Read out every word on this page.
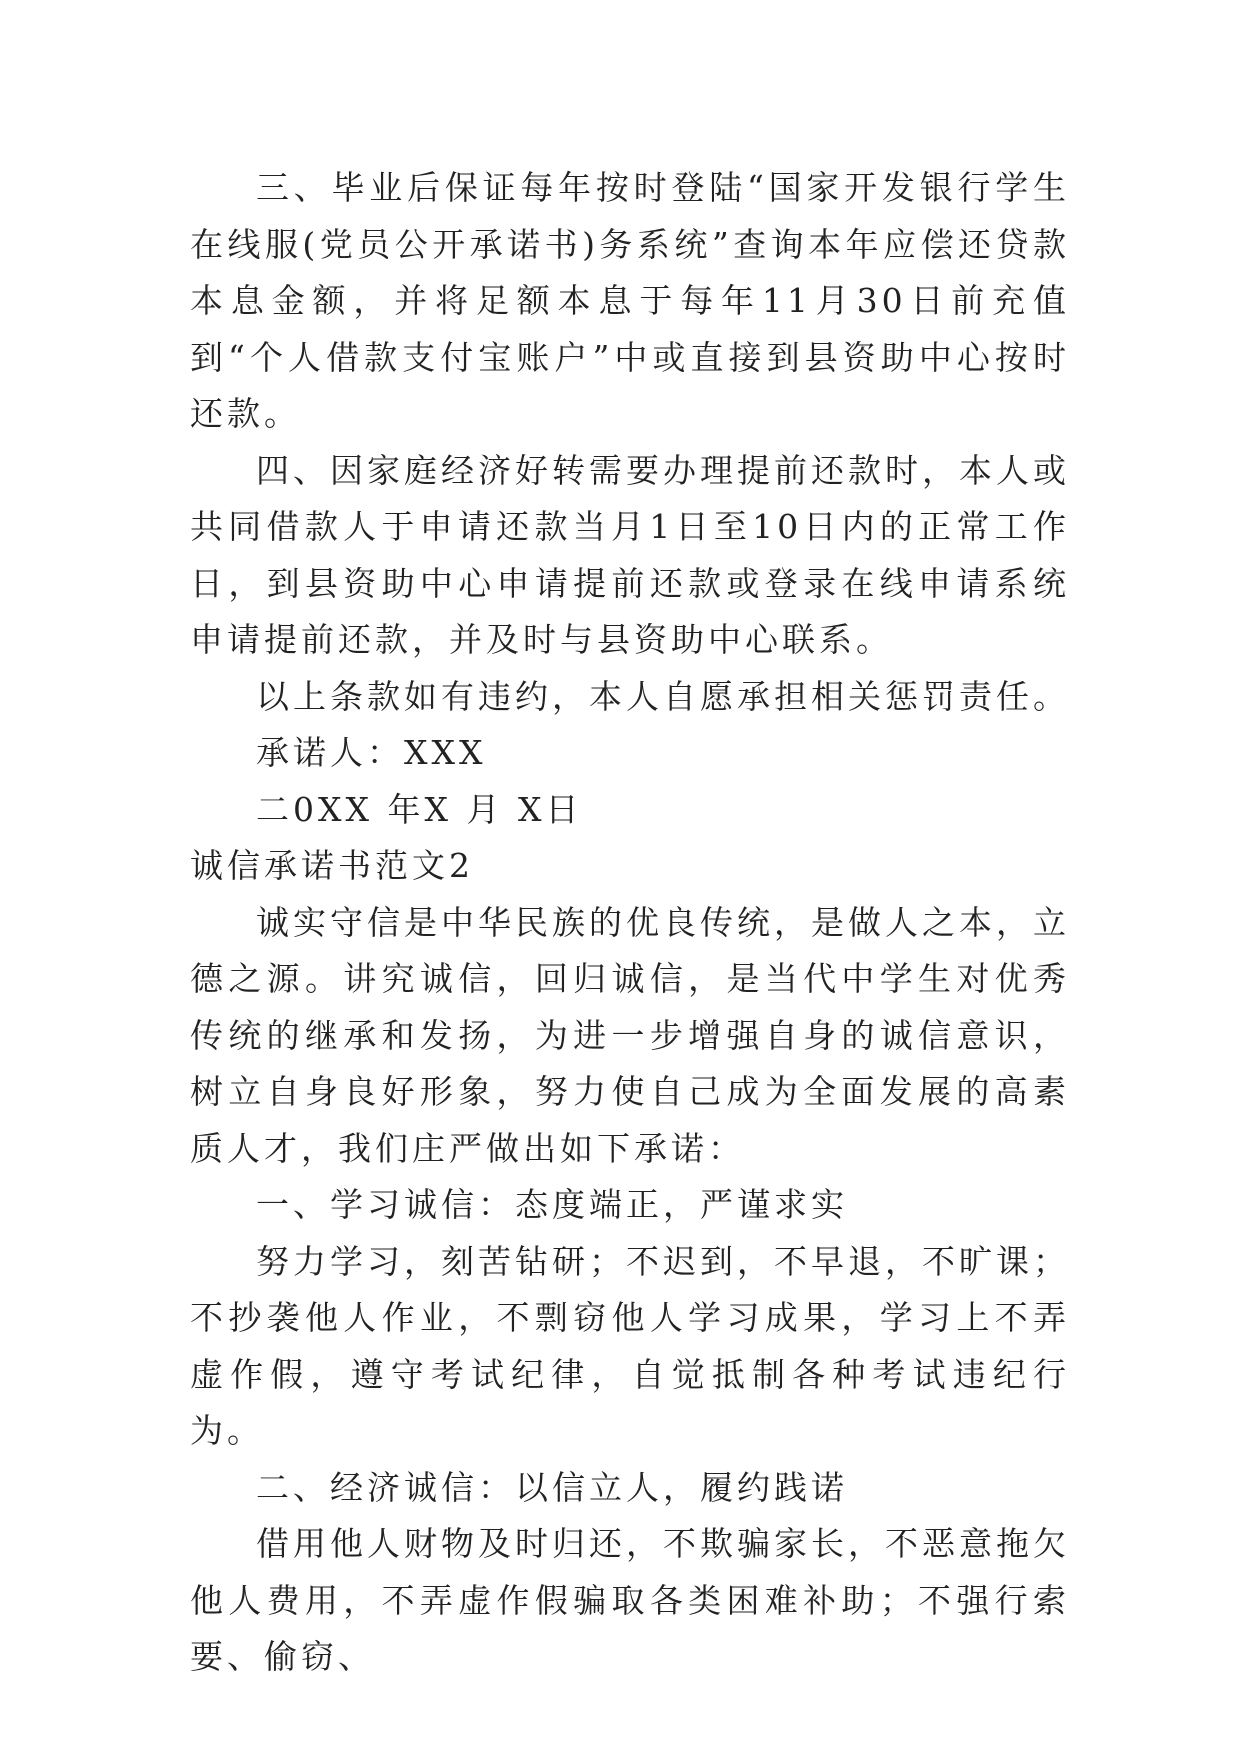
三、毕业后保证每年按时登陆“国家开发银行学生在线服(党员公开承诺书)务系统”查询本年应偿还贷款本息金额，并将足额本息于每年11月30日前充值到“个人借款支付宝账户”中或直接到县资助中心按时还款。

四、因家庭经济好转需要办理提前还款时，本人或共同借款人于申请还款当月1日至10日内的正常工作日，到县资助中心申请提前还款或登录在线申请系统申请提前还款，并及时与县资助中心联系。

以上条款如有违约，本人自愿承担相关惩罚责任。

承诺人：XXX

二0XX 年X 月 X日

诚信承诺书范文2

诚实守信是中华民族的优良传统，是做人之本，立德之源。讲究诚信，回归诚信，是当代中学生对优秀传统的继承和发扬，为进一步增强自身的诚信意识，树立自身良好形象，努力使自己成为全面发展的高素质人才，我们庄严做出如下承诺：

一、学习诚信：态度端正，严谨求实

努力学习，刻苦钻研；不迟到，不早退，不旷课；不抄袭他人作业，不剽窃他人学习成果，学习上不弄虚作假，遵守考试纪律，自觉抵制各种考试违纪行为。

二、经济诚信：以信立人，履约践诺

借用他人财物及时归还，不欺骗家长，不恶意拖欠他人费用，不弄虚作假骗取各类困难补助；不强行索要、偷窃、
